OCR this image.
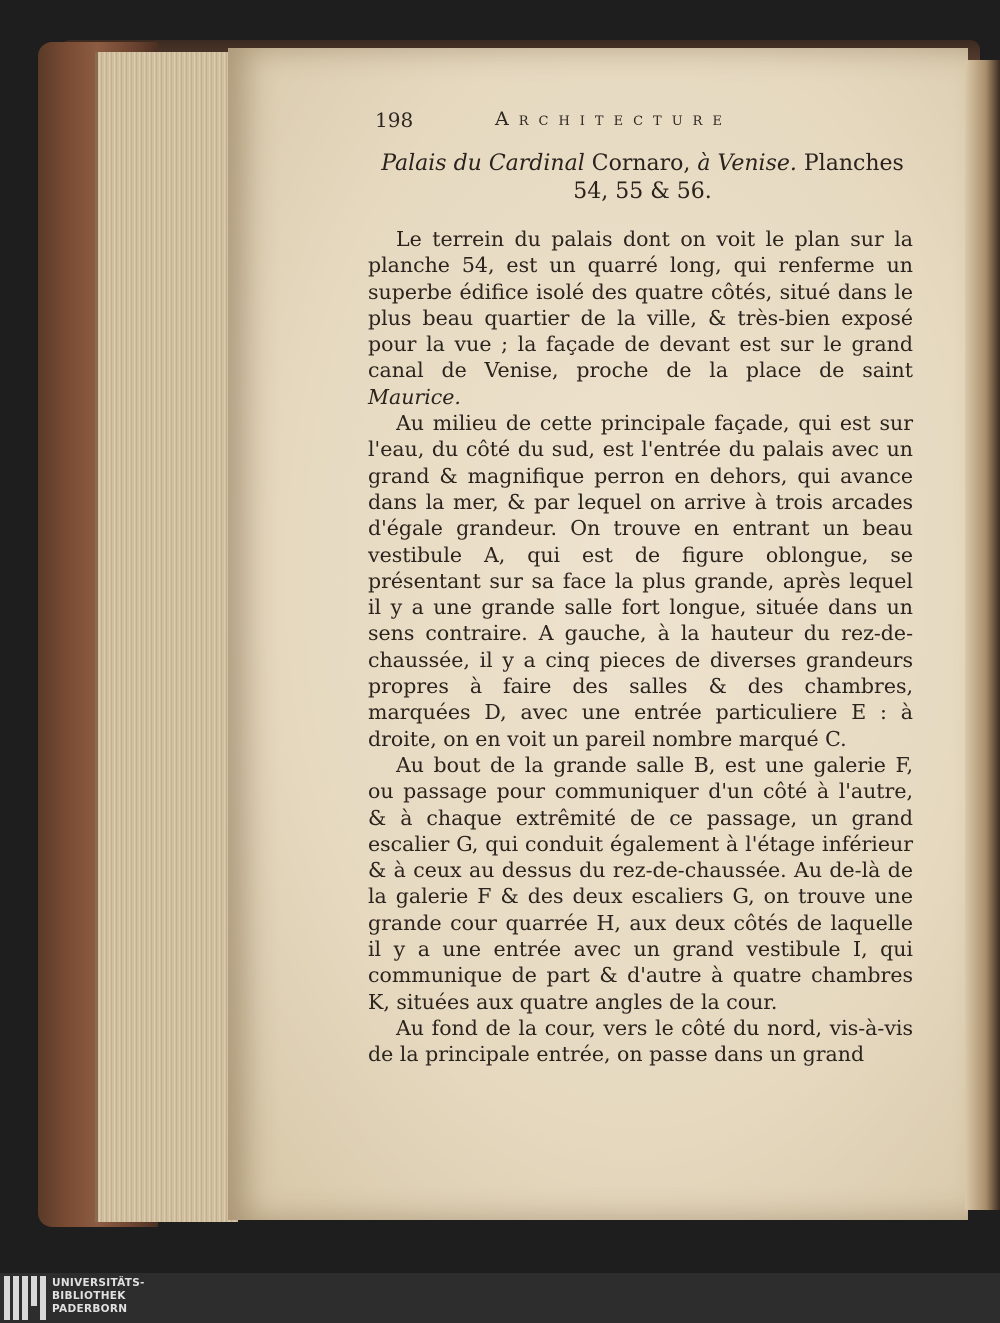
198	Architecture
Palais du Cardinal Cornaro, à Venise. Planches 54, 55 & 56.

Le terrein du palais dont on voit le plan sur la planche 54, est un quarré long, qui renferme un superbe édifice isolé des quatre côtés, situé dans le plus beau quartier de la ville, & très-bien exposé pour la vue ; la façade de devant est sur le grand canal de Venise, proche de la place de saint Maurice.

Au milieu de cette principale façade, qui est sur l'eau, du côté du sud, est l'entrée du palais avec un grand & magnifique perron en dehors, qui avance dans la mer, & par lequel on arrive à trois arcades d'égale grandeur. On trouve en entrant un beau vestibule A, qui est de figure oblongue, se présentant sur sa face la plus grande, après lequel il y a une grande salle fort longue, située dans un sens contraire. A gauche, à la hauteur du rez-de-chaussée, il y a cinq pieces de diverses grandeurs propres à faire des salles & des chambres, marquées D, avec une entrée particuliere E : à droite, on en voit un pareil nombre marqué C.

Au bout de la grande salle B, est une galerie F, ou passage pour communiquer d'un côté à l'autre, & à chaque extrêmité de ce passage, un grand escalier G, qui conduit également à l'étage inférieur & à ceux au dessus du rez-de-chaussée. Au de-là de la galerie F & des deux escaliers G, on trouve une grande cour quarrée H, aux deux côtés de laquelle il y a une entrée avec un grand vestibule I, qui communique de part & d'autre à quatre chambres K, situées aux quatre angles de la cour.

Au fond de la cour, vers le côté du nord, vis-à-vis de la principale entrée, on passe dans un grand

UNIVERSITÄTS-
BIBLIOTHEK
PADERBORN
